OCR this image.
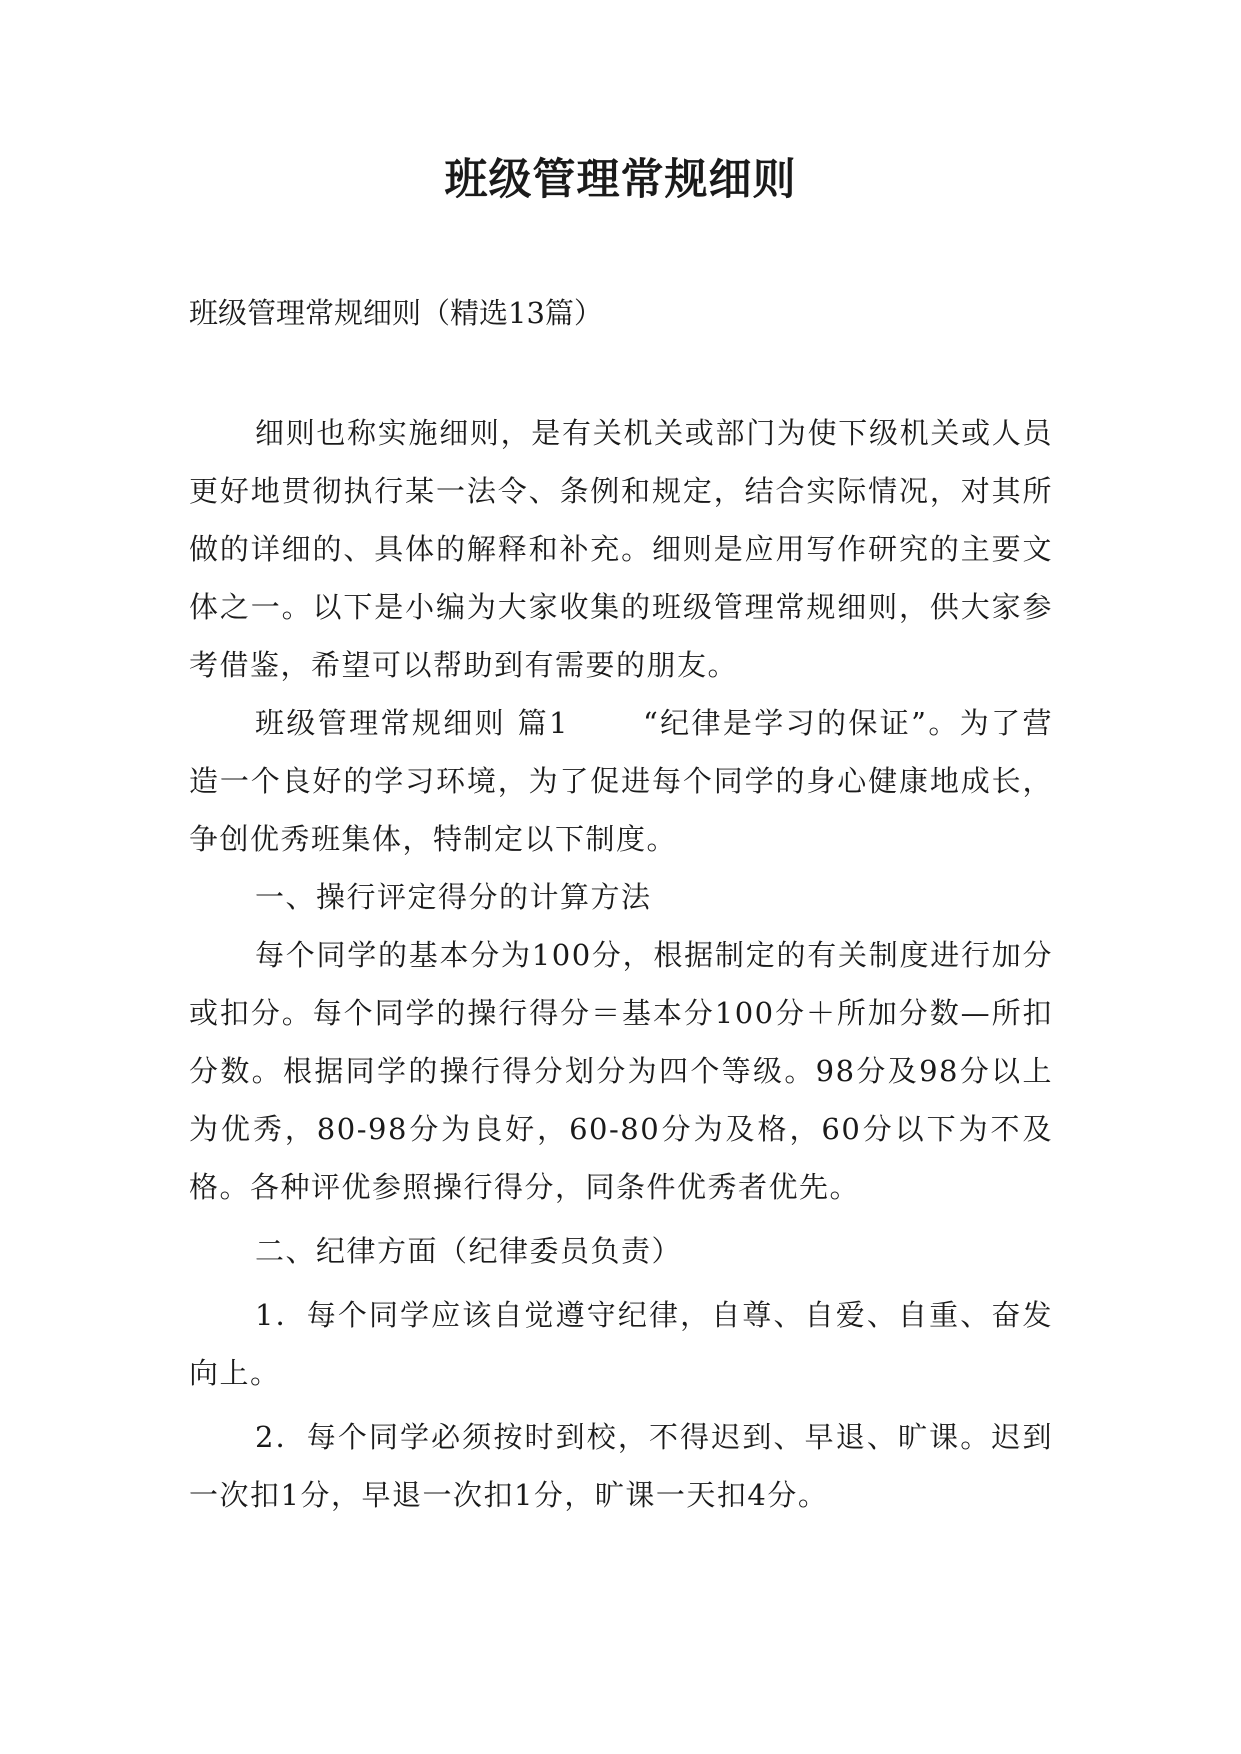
班级管理常规细则

班级管理常规细则（精选13篇）

细则也称实施细则，是有关机关或部门为使下级机关或人员更好地贯彻执行某一法令、条例和规定，结合实际情况，对其所做的详细的、具体的解释和补充。细则是应用写作研究的主要文体之一。以下是小编为大家收集的班级管理常规细则，供大家参考借鉴，希望可以帮助到有需要的朋友。

班级管理常规细则 篇1	“纪律是学习的保证”。为了营造一个良好的学习环境，为了促进每个同学的身心健康地成长，争创优秀班集体，特制定以下制度。

一、操行评定得分的计算方法

每个同学的基本分为100分，根据制定的有关制度进行加分或扣分。每个同学的操行得分＝基本分100分＋所加分数—所扣分数。根据同学的操行得分划分为四个等级。98分及98分以上为优秀，80-98分为良好，60-80分为及格，60分以下为不及格。各种评优参照操行得分，同条件优秀者优先。

二、纪律方面（纪律委员负责）

1．每个同学应该自觉遵守纪律，自尊、自爱、自重、奋发向上。

2．每个同学必须按时到校，不得迟到、早退、旷课。迟到一次扣1分，早退一次扣1分，旷课一天扣4分。
